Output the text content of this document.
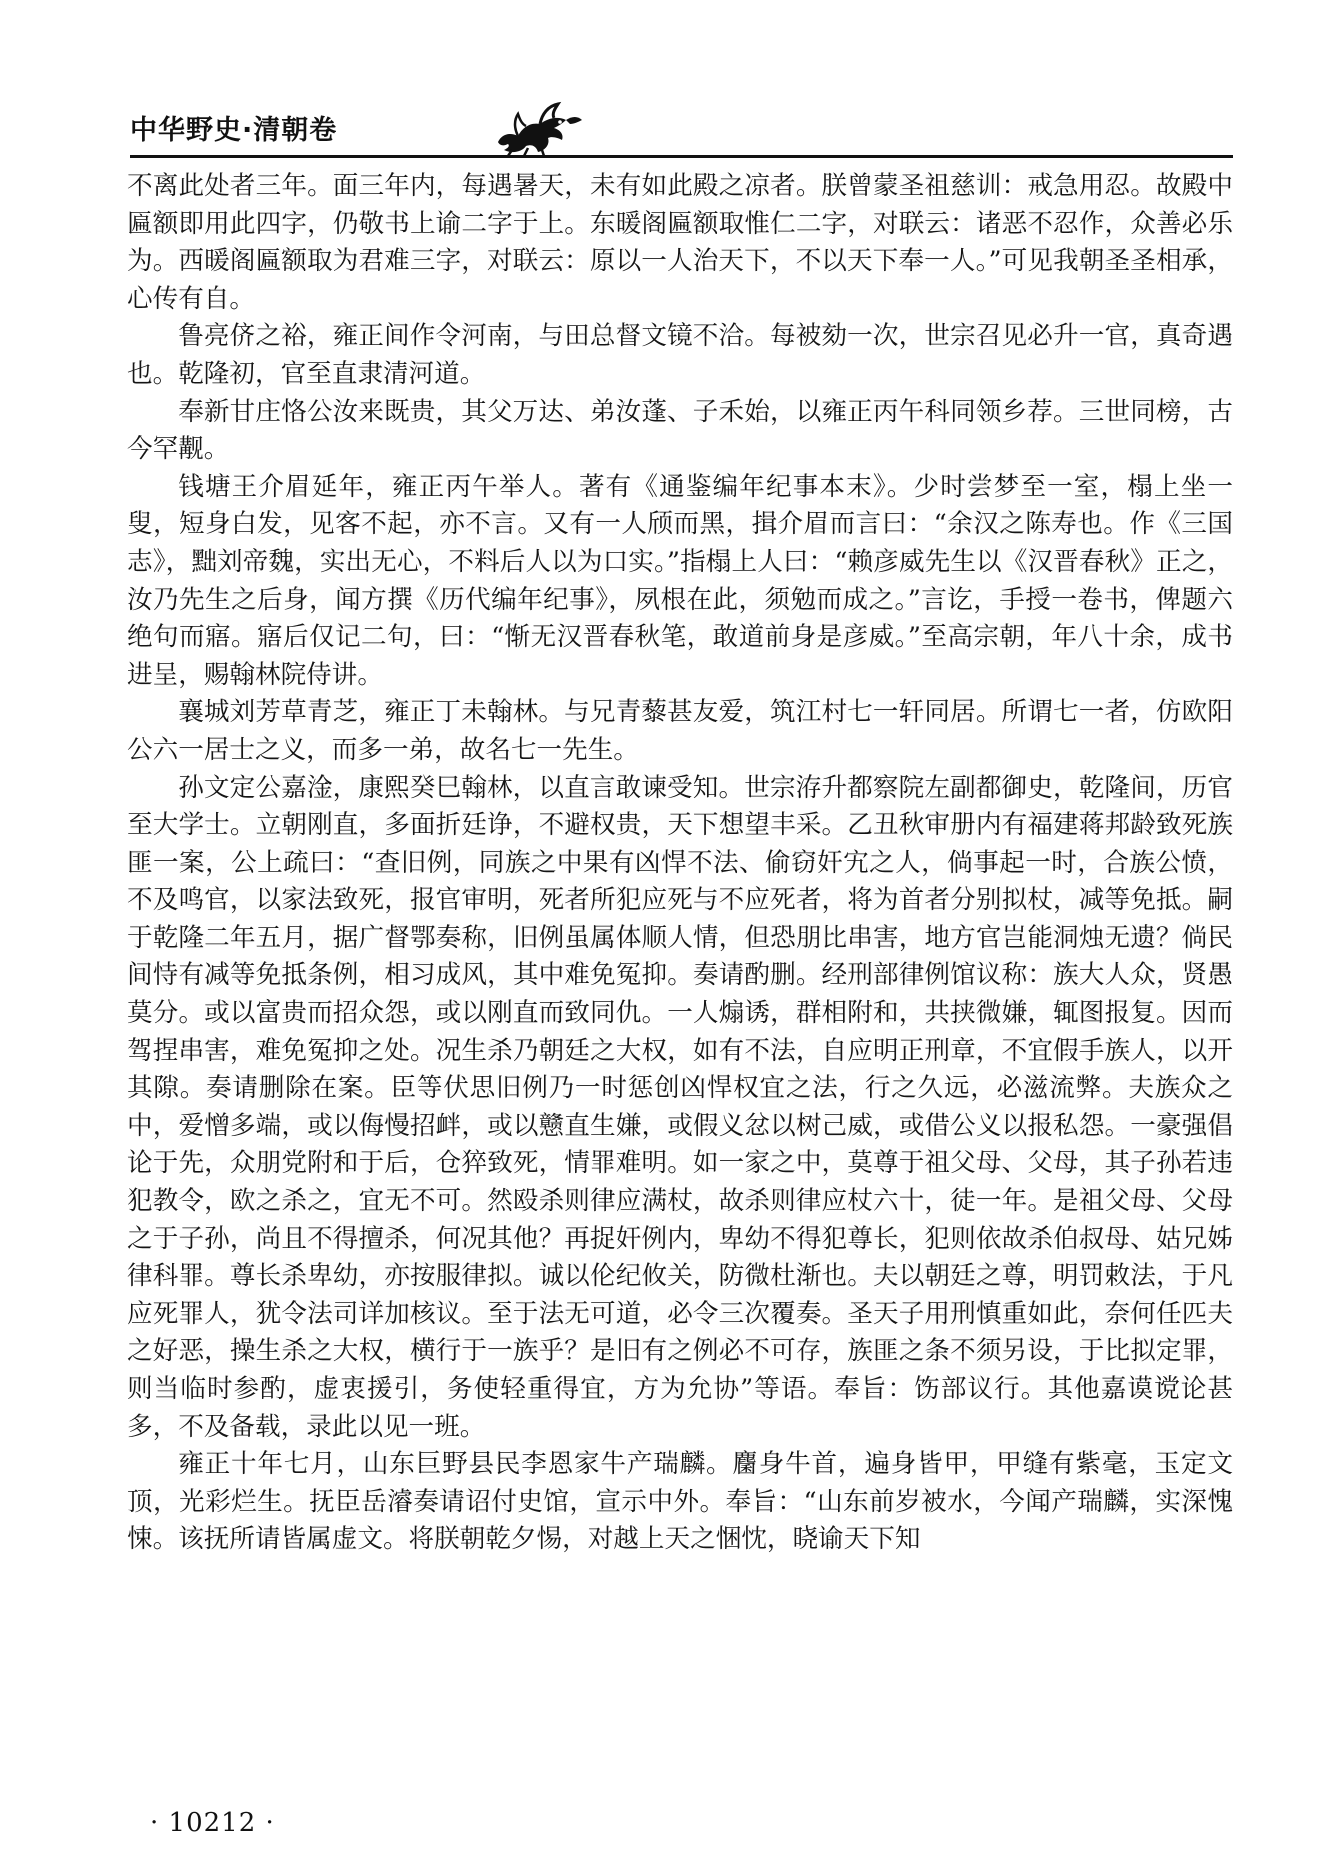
中华野史·清朝卷

不离此处者三年。面三年内，每遇暑天，未有如此殿之凉者。朕曾蒙圣祖慈训：戒急用忍。故殿中匾额即用此四字，仍敬书上谕二字于上。东暖阁匾额取惟仁二字，对联云：诸恶不忍作，众善必乐为。西暖阁匾额取为君难三字，对联云：原以一人治天下，不以天下奉一人。”可见我朝圣圣相承，心传有自。

鲁亮侪之裕，雍正间作令河南，与田总督文镜不洽。每被劾一次，世宗召见必升一官，真奇遇也。乾隆初，官至直隶清河道。

奉新甘庄恪公汝来既贵，其父万达、弟汝蓬、子禾始，以雍正丙午科同领乡荐。三世同榜，古今罕觏。

钱塘王介眉延年，雍正丙午举人。著有《通鉴编年纪事本末》。少时尝梦至一室，榻上坐一叟，短身白发，见客不起，亦不言。又有一人颀而黑，揖介眉而言曰：“余汉之陈寿也。作《三国志》，黜刘帝魏，实出无心，不料后人以为口实。”指榻上人曰：“赖彦威先生以《汉晋春秋》正之，汝乃先生之后身，闻方撰《历代编年纪事》，夙根在此，须勉而成之。”言讫，手授一卷书，俾题六绝句而寤。寤后仅记二句，曰：“惭无汉晋春秋笔，敢道前身是彦威。”至高宗朝，年八十余，成书进呈，赐翰林院侍讲。

襄城刘芳草青芝，雍正丁未翰林。与兄青藜甚友爱，筑江村七一轩同居。所谓七一者，仿欧阳公六一居士之义，而多一弟，故名七一先生。

孙文定公嘉淦，康熙癸巳翰林，以直言敢谏受知。世宗洊升都察院左副都御史，乾隆间，历官至大学士。立朝刚直，多面折廷诤，不避权贵，天下想望丰采。乙丑秋审册内有福建蒋邦龄致死族匪一案，公上疏曰：“查旧例，同族之中果有凶悍不法、偷窃奸宄之人，倘事起一时，合族公愤，不及鸣官，以家法致死，报官审明，死者所犯应死与不应死者，将为首者分别拟杖，减等免抵。嗣于乾隆二年五月，据广督鄂奏称，旧例虽属体顺人情，但恐朋比串害，地方官岂能洞烛无遗？倘民间恃有减等免抵条例，相习成风，其中难免冤抑。奏请酌删。经刑部律例馆议称：族大人众，贤愚莫分。或以富贵而招众怨，或以刚直而致同仇。一人煽诱，群相附和，共挟微嫌，辄图报复。因而驾捏串害，难免冤抑之处。况生杀乃朝廷之大权，如有不法，自应明正刑章，不宜假手族人，以开其隙。奏请删除在案。臣等伏思旧例乃一时惩创凶悍权宜之法，行之久远，必滋流弊。夫族众之中，爱憎多端，或以侮慢招衅，或以戆直生嫌，或假义忿以树己威，或借公义以报私怨。一豪强倡论于先，众朋党附和于后，仓猝致死，情罪难明。如一家之中，莫尊于祖父母、父母，其子孙若违犯教令，欧之杀之，宜无不可。然殴杀则律应满杖，故杀则律应杖六十，徒一年。是祖父母、父母之于子孙，尚且不得擅杀，何况其他？再捉奸例内，卑幼不得犯尊长，犯则依故杀伯叔母、姑兄姊律科罪。尊长杀卑幼，亦按服律拟。诚以伦纪攸关，防微杜渐也。夫以朝廷之尊，明罚敕法，于凡应死罪人，犹令法司详加核议。至于法无可道，必令三次覆奏。圣天子用刑慎重如此，奈何任匹夫之好恶，操生杀之大权，横行于一族乎？是旧有之例必不可存，族匪之条不须另设，于比拟定罪，则当临时参酌，虚衷援引，务使轻重得宜，方为允协”等语。奉旨：饬部议行。其他嘉谟谠论甚多，不及备载，录此以见一班。

雍正十年七月，山东巨野县民李恩家牛产瑞麟。麕身牛首，遍身皆甲，甲缝有紫毫，玉定文顶，光彩烂生。抚臣岳濬奏请诏付史馆，宣示中外。奉旨：“山东前岁被水，今闻产瑞麟，实深愧悚。该抚所请皆属虚文。将朕朝乾夕惕，对越上天之悃忱，晓谕天下知

· 10212 ·
